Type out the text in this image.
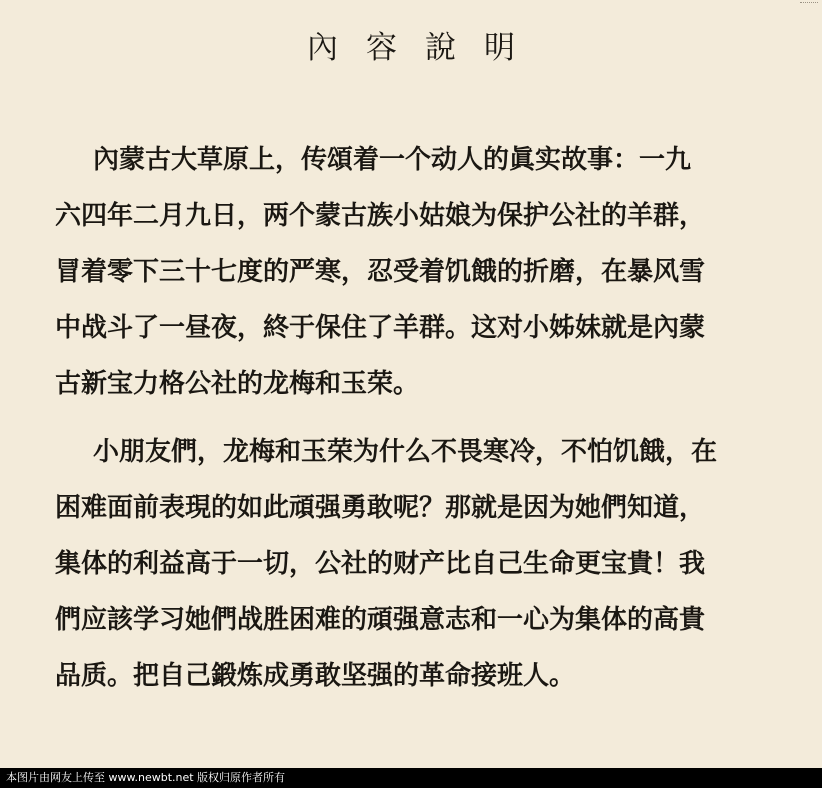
內容說明

內蒙古大草原上，传頌着一个动人的眞实故事：一九
六四年二月九日，两个蒙古族小姑娘为保护公社的羊群，
冒着零下三十七度的严寒，忍受着饥餓的折磨，在暴风雪
中战斗了一昼夜，終于保住了羊群。这对小姊妹就是內蒙
古新宝力格公社的龙梅和玉荣。

小朋友們，龙梅和玉荣为什么不畏寒冷，不怕饥餓，在
困难面前表現的如此頑强勇敢呢？那就是因为她們知道，
集体的利益高于一切，公社的财产比自己生命更宝貴！我
們应該学习她們战胜困难的頑强意志和一心为集体的高貴
品质。把自己鍛炼成勇敢坚强的革命接班人。

本图片由网友上传至 www.newbt.net 版权归原作者所有
